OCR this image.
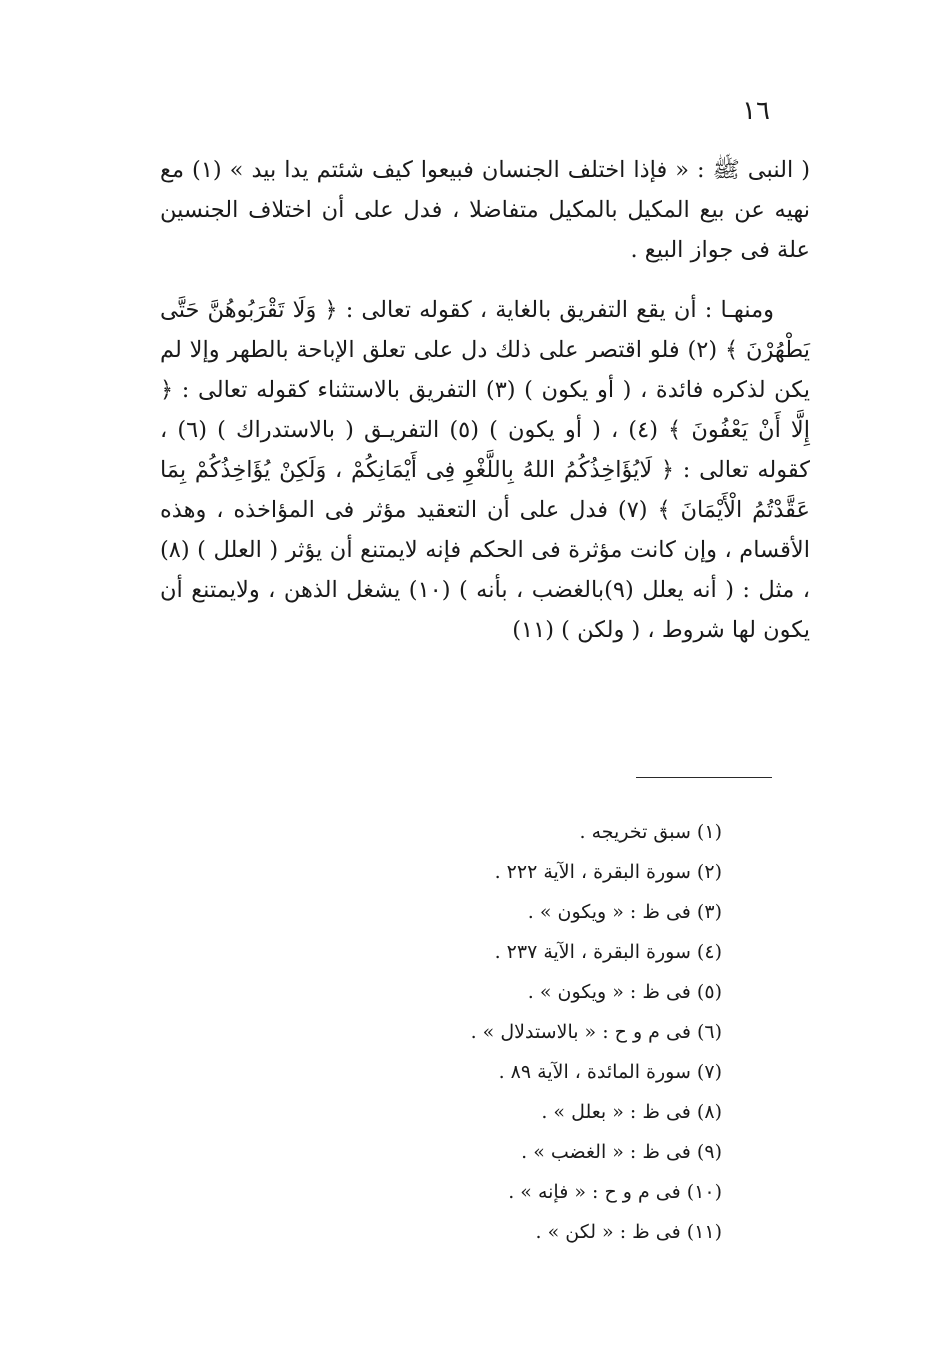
١٦

( النبى ﷺ : « فإذا اختلف الجنسان فبيعوا كيف شئتم يدا بيد » (١) مع نهيه عن بيع المكيل بالمكيل متفاضلا ، فدل على أن اختلاف الجنسين علة فى جواز البيع .

ومنهـا : أن يقع التفريق بالغاية ، كقوله تعالى : ﴿ وَلَا تَقْرَبُوهُنَّ حَتَّى يَطْهُرْنَ ﴾ (٢) فلو اقتصر على ذلك دل على تعلق الإباحة بالطهر وإلا لم يكن لذكره فائدة ، ( أو يكون ) (٣) التفريق بالاستثناء كقوله تعالى : ﴿ إِلَّا أَنْ يَعْفُونَ ﴾ (٤) ، ( أو يكون ) (٥) التفريـق ( بالاستدراك ) (٦) ، كقوله تعالى : ﴿ لَايُؤَاخِذُكُمُ اللهُ بِاللَّغْوِ فِى أَيْمَانِكُمْ ، وَلَكِنْ يُؤَاخِذُكُمْ بِمَا عَقَّدْتُمُ الْأَيْمَانَ ﴾ (٧) فدل على أن التعقيد مؤثر فى المؤاخذه ، وهذه الأقسام ، وإن كانت مؤثرة فى الحكم فإنه لايمتنع أن يؤثر ( العلل ) (٨) ، مثل : ( أنه يعلل (٩)بالغضب ، بأنه ) (١٠) يشغل الذهن ، ولايمتنع أن يكون لها شروط ، ( ولكن ) (١١)

(١) سبق تخريجه .
(٢) سورة البقرة ، الآية ٢٢٢ .
(٣) فى ظ : « ويكون » .
(٤) سورة البقرة ، الآية ٢٣٧ .
(٥) فى ظ : « ويكون » .
(٦) فى م و ح : « بالاستدلال » .
(٧) سورة المائدة ، الآية ٨٩ .
(٨) فى ظ : « بعلل » .
(٩) فى ظ : « الغضب » .
(١٠) فى م و ح : « فإنه » .
(١١) فى ظ : « لكن » .
